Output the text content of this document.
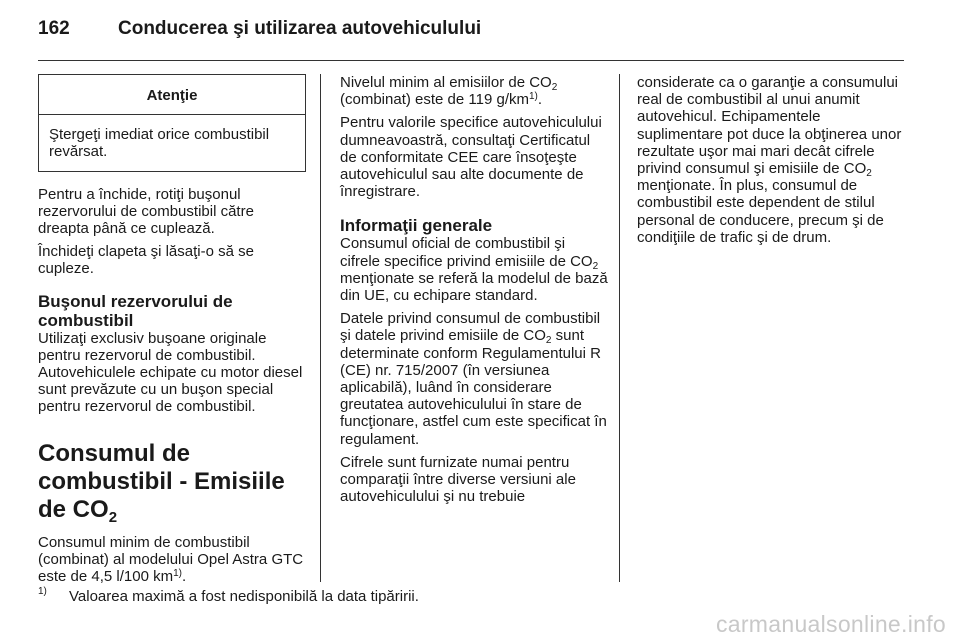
162	Conducerea şi utilizarea autovehiculului
Atenţie
Ştergeţi imediat orice combustibil revărsat.

Pentru a închide, rotiţi buşonul rezervorului de combustibil către dreapta până ce cuplează.

Închideţi clapeta şi lăsaţi-o să se cupleze.

Buşonul rezervorului de combustibil

Utilizaţi exclusiv buşoane originale pentru rezervorul de combustibil. Autovehiculele echipate cu motor diesel sunt prevăzute cu un buşon special pentru rezervorul de combustibil.

Consumul de combustibil - Emisiile de $CO_2$

Consumul minim de combustibil (combinat) al modelului Opel Astra GTC este de 4,5 l/100 $km^{1)}$.

Nivelul minim al emisiilor de $CO_2$
(combinat) este de 119 $g/km^{1)}$.

Pentru valorile specifice autovehiculului dumneavoastră, consultaţi Certificatul de conformitate CEE care însoţeşte autovehiculul sau alte documente de înregistrare.

Informaţii generale

Consumul oficial de combustibil şi cifrele specifice privind emisiile de $CO_2$ menţionate se referă la modelul de bază din UE, cu echipare standard.

Datele privind consumul de combustibil şi datele privind emisiile de $CO_2$ sunt determinate conform Regulamentului R (CE) nr. 715/2007 (în versiunea aplicabilă), luând în considerare greutatea autovehiculului în stare de funcţionare, astfel cum este specificat în regulament.

Cifrele sunt furnizate numai pentru comparaţii între diverse versiuni ale autovehiculului şi nu trebuie

considerate ca o garanţie a consumului real de combustibil al unui anumit autovehicul. Echipamentele suplimentare pot duce la obţinerea unor rezultate uşor mai mari decât cifrele privind consumul şi emisiile de $CO_2$ menţionate. În plus, consumul de combustibil este dependent de stilul personal de conducere, precum şi de condiţiile de trafic şi de drum.

1) Valoarea maximă a fost nedisponibilă la data tipăririi.
carmanualsonline.info
